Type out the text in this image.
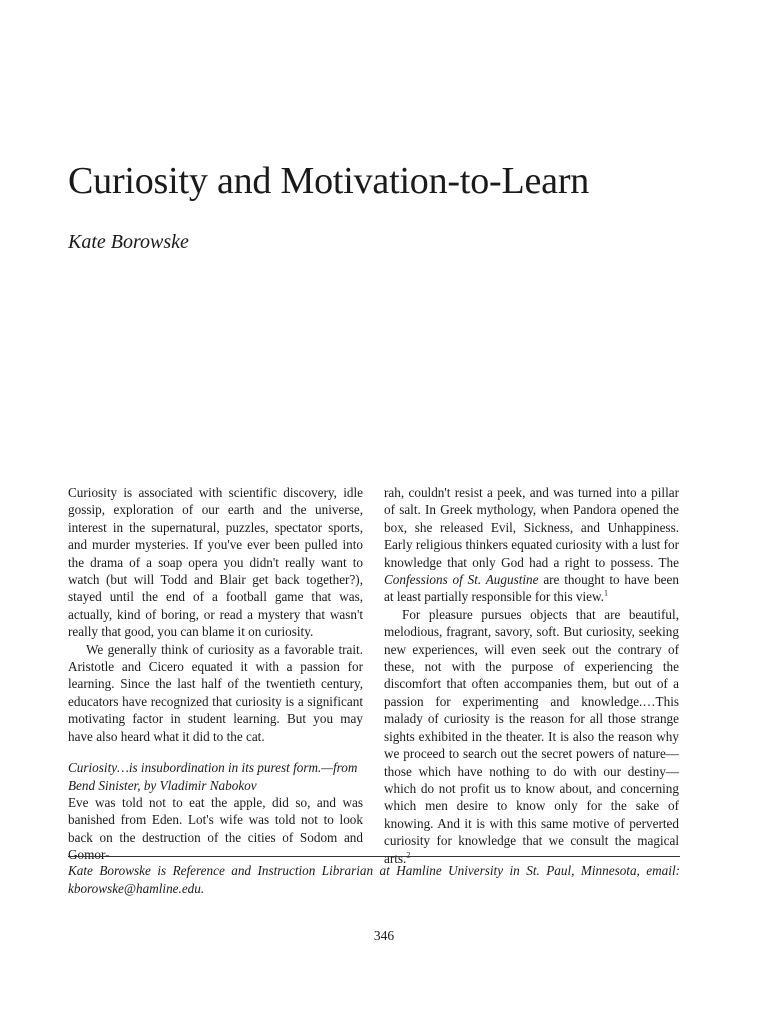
Curiosity and Motivation-to-Learn

Kate Borowske

Curiosity is associated with scientific discovery, idle gossip, exploration of our earth and the universe, interest in the supernatural, puzzles, spectator sports, and murder mysteries. If you've ever been pulled into the drama of a soap opera you didn't really want to watch (but will Todd and Blair get back together?), stayed until the end of a football game that was, actually, kind of boring, or read a mystery that wasn't really that good, you can blame it on curiosity.

We generally think of curiosity as a favorable trait. Aristotle and Cicero equated it with a passion for learning. Since the last half of the twentieth century, educators have recognized that curiosity is a significant motivating factor in student learning. But you may have also heard what it did to the cat.

Curiosity…is insubordination in its purest form.—from Bend Sinister, by Vladimir Nabokov

Eve was told not to eat the apple, did so, and was banished from Eden. Lot's wife was told not to look back on the destruction of the cities of Sodom and Gomor-

rah, couldn't resist a peek, and was turned into a pillar of salt. In Greek mythology, when Pandora opened the box, she released Evil, Sickness, and Unhappiness. Early religious thinkers equated curiosity with a lust for knowledge that only God had a right to possess. The Confessions of St. Augustine are thought to have been at least partially responsible for this view.$^1$

For pleasure pursues objects that are beautiful, melodious, fragrant, savory, soft. But curiosity, seeking new experiences, will even seek out the contrary of these, not with the purpose of experiencing the discomfort that often accompanies them, but out of a passion for experimenting and knowledge.…This malady of curiosity is the reason for all those strange sights exhibited in the theater. It is also the reason why we proceed to search out the secret powers of nature—those which have nothing to do with our destiny—which do not profit us to know about, and concerning which men desire to know only for the sake of knowing. And it is with this same motive of perverted curiosity for knowledge that we consult the magical arts.$^2$

Kate Borowske is Reference and Instruction Librarian at Hamline University in St. Paul, Minnesota, email: kborowske@hamline.edu.

346
